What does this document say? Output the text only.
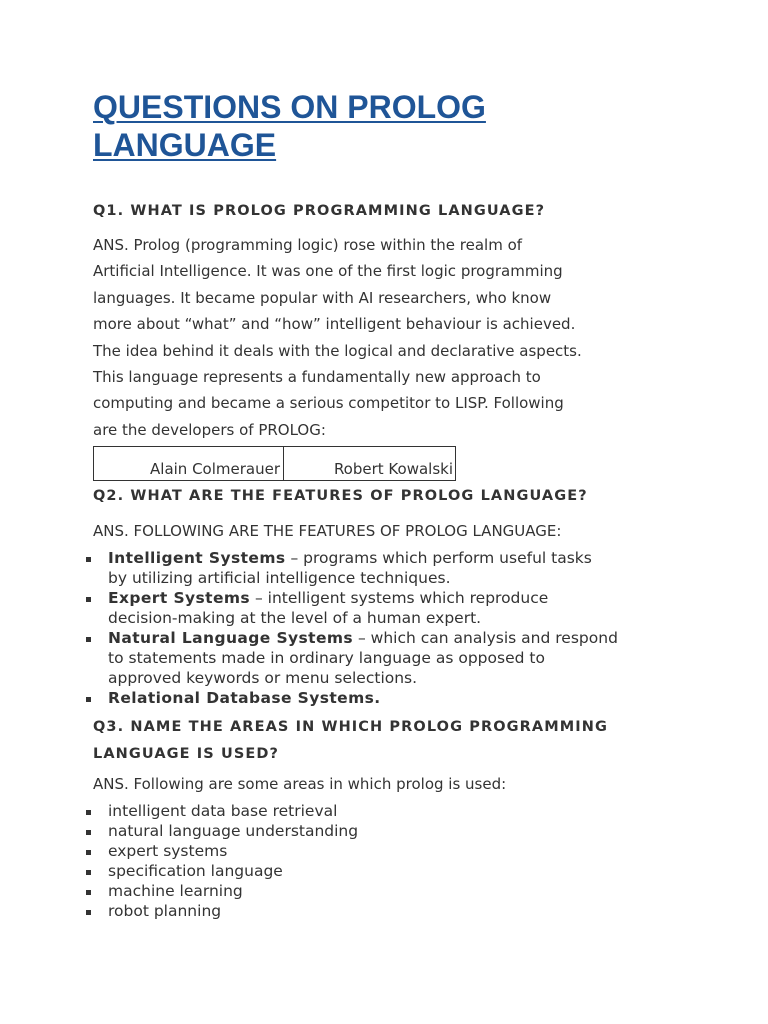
QUESTIONS ON PROLOG
LANGUAGE
Q1. WHAT IS PROLOG PROGRAMMING LANGUAGE?

ANS. Prolog (programming logic) rose within the realm of
Artificial Intelligence. It was one of the first logic programming
languages. It became popular with AI researchers, who know
more about “what” and “how” intelligent behaviour is achieved.
The idea behind it deals with the logical and declarative aspects.
This language represents a fundamentally new approach to
computing and became a serious competitor to LISP. Following
are the developers of PROLOG:

Alain Colmerauer	Robert Kowalski
Q2. WHAT ARE THE FEATURES OF PROLOG LANGUAGE?

ANS. FOLLOWING ARE THE FEATURES OF PROLOG LANGUAGE:

Intelligent Systems – programs which perform useful tasks
by utilizing artificial intelligence techniques.
Expert Systems – intelligent systems which reproduce
decision-making at the level of a human expert.
Natural Language Systems – which can analysis and respond
to statements made in ordinary language as opposed to
approved keywords or menu selections.
Relational Database Systems.
Q3. NAME THE AREAS IN WHICH PROLOG PROGRAMMING
LANGUAGE IS USED?

ANS. Following are some areas in which prolog is used:

intelligent data base retrieval
natural language understanding
expert systems
specification language
machine learning
robot planning
